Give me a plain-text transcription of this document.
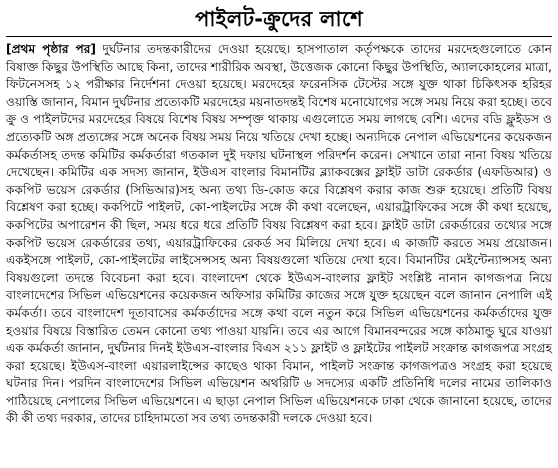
পাইলট-ক্রুদের লাশে

[প্রথম পৃষ্ঠার পর] দুর্ঘটনার তদন্তকারীদের দেওয়া হয়েছে। হাসপাতাল কর্তৃপক্ষকে তাদের মরদেহগুলোতে কোন বিষাক্ত কিছুর উপস্থিতি আছে কিনা, তাদের শারীরিক অবস্থা, উত্তেজক কোনো কিছুর উপস্থিতি, অ্যালকোহলের মাত্রা, ফিটনেসসহ ১২ পরীক্ষার নির্দেশনা দেওয়া হয়েছে। মরদেহের ফরেনসিক টেস্টের সঙ্গে যুক্ত থাকা চিকিৎসক হরিহর ওয়াস্তি জানান, বিমান দুর্ঘটনার প্রত্যেকটি মরদেহের ময়নাতদন্তই বিশেষ মনোযোগের সঙ্গে সময় নিয়ে করা হচ্ছে। তবে ক্রু ও পাইলটদের মরদেহের বিষয়ে বিশেষ বিষয় সম্পৃক্ত থাকায় এগুলোতে সময় লাগছে বেশি। এদের বডি ফ্লুইডস ও প্রত্যেকটি অঙ্গ প্রত্যঙ্গের সঙ্গে অনেক বিষয় সময় নিয়ে খতিয়ে দেখা হচ্ছে। অন্যদিকে নেপাল এভিয়েশনের কয়েকজন কর্মকর্তাসহ তদন্ত কমিটির কর্মকর্তারা গতকাল দুই দফায় ঘটনাস্থল পরিদর্শন করেন। সেখানে তারা নানা বিষয় খতিয়ে দেখেছেন। কমিটির এক সদস্য জানান, ইউএস বাংলার বিমানটির ব্ল্যাকবক্সের ফ্লাইট ডাটা রেকর্ডার (এফডিআর) ও ককপিট ভয়েস রেকর্ডার (সিভিআর)সহ অন্য তথ্য ডি-কোড করে বিশ্লেষণ করার কাজ শুরু হয়েছে। প্রতিটি বিষয় বিশ্লেষণ করা হচ্ছে। ককপিটে পাইলট, কো-পাইলটের সঙ্গে কী কথা বলেছেন, এয়ারট্রাফিকের সঙ্গে কী কথা হয়েছে, ককপিটের অপারেশন কী ছিল, সময় ধরে ধরে প্রতিটি বিষয় বিশ্লেষণ করা হবে। ফ্লাইট ডাটা রেকর্ডারের তথ্যের সঙ্গে ককপিট ভয়েস রেকর্ডারের তথ্য, এয়ারট্রাফিকের রেকর্ড সব মিলিয়ে দেখা হবে। এ কাজটি করতে সময় প্রয়োজন। একইসঙ্গে পাইলট, কো-পাইলটের লাইসেন্সসহ অন্য বিষয়গুলো খতিয়ে দেখা হবে। বিমানটির মেইন্টেন্যান্সসহ অন্য বিষয়গুলো তদন্তে বিবেচনা করা হবে। বাংলাদেশ থেকে ইউএস-বাংলার ফ্লাইট সংশ্লিষ্ট নানান কাগজপত্র নিয়ে বাংলাদেশের সিভিল এভিয়েশনের কয়েকজন অফিসার কমিটির কাজের সঙ্গে যুক্ত হয়েছেন বলে জানান নেপালি এই কর্মকর্তা। তবে বাংলাদেশ দূতাবাসের কর্মকর্তাদের সঙ্গে কথা বলে নতুন করে সিভিল এভিয়েশনের কর্মকর্তাদের যুক্ত হওয়ার বিষয়ে বিস্তারিত তেমন কোনো তথ্য পাওয়া যায়নি। তবে এর আগে বিমানবন্দরের সঙ্গে কাঠমান্ডু ঘুরে যাওয়া এক কর্মকর্তা জানান, দুর্ঘটনার দিনই ইউএস-বাংলার বিএস ২১১ ফ্লাইট ও ফ্লাইটের পাইলট সংক্রান্ত কাগজপত্র সংগ্রহ করা হয়েছে। ইউএস-বাংলা এয়ারলাইন্সের কাছেও থাকা বিমান, পাইলট সংক্রান্ত কাগজপত্রও সংগ্রহ করা হয়েছে ঘটনার দিন। পরদিন বাংলাদেশের সিভিল এভিয়েশন অথরিটি ৬ সদস্যের একটি প্রতিনিধি দলের নামের তালিকাও পাঠিয়েছে নেপালের সিভিল এভিয়েশনে। এ ছাড়া নেপাল সিভিল এভিয়েশনকে ঢাকা থেকে জানানো হয়েছে, তাদের কী কী তথ্য দরকার, তাদের চাহিদামতো সব তথ্য তদন্তকারী দলকে দেওয়া হবে।
